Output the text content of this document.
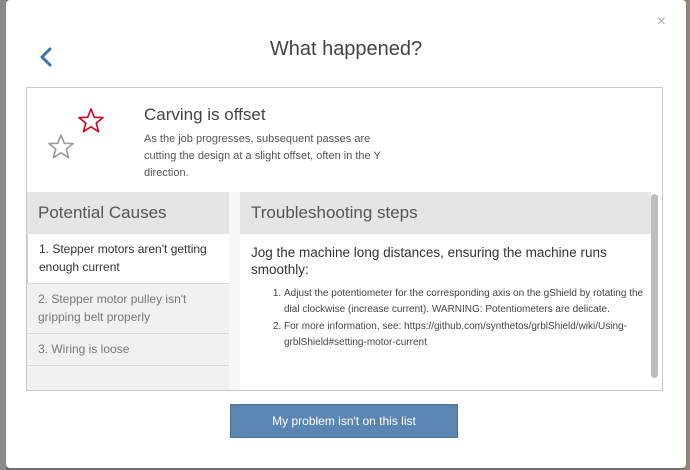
×
What happened?
Carving is offset
As the job progresses, subsequent passes are cutting the design at a slight offset, often in the Y direction.
Potential Causes
1. Stepper motors aren't getting enough current
2. Stepper motor pulley isn't gripping belt properly
3. Wiring is loose
Troubleshooting steps
Jog the machine long distances, ensuring the machine runs smoothly:
1. Adjust the potentiometer for the corresponding axis on the gShield by rotating the dial clockwise (increase current). WARNING: Potentiometers are delicate.
2. For more information, see: https://github.com/synthetos/grblShield/wiki/Using-grblShield#setting-motor-current
My problem isn't on this list
